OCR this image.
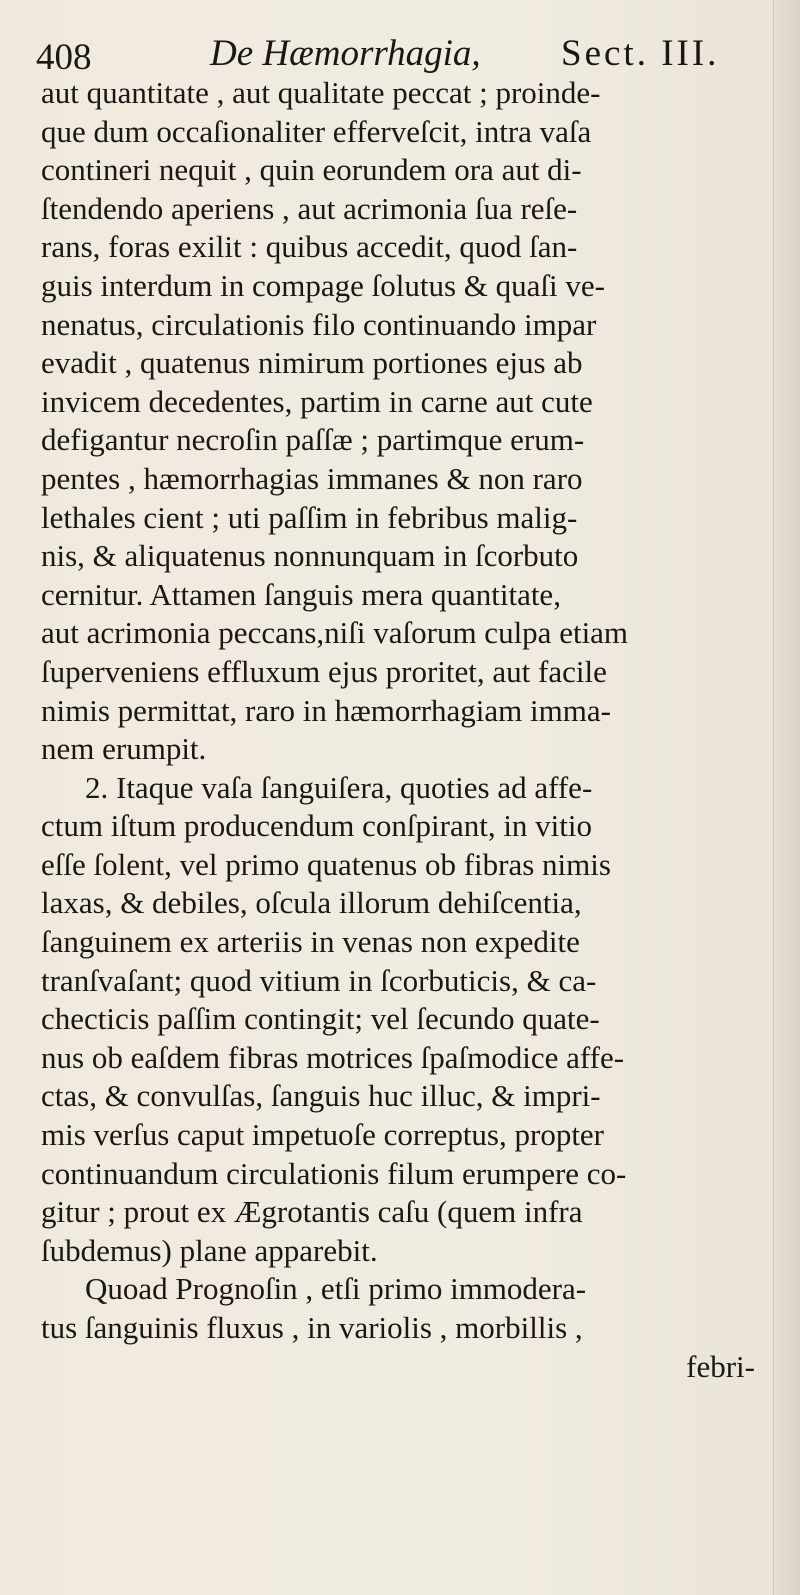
408	De Hæmorrhagia, Sect. III.
aut quantitate , aut qualitate peccat ; proinde-
que dum occaſionaliter efferveſcit, intra vaſa
contineri nequit , quin eorundem ora aut di-
ſtendendo aperiens , aut acrimonia ſua reſe-
rans, foras exilit : quibus accedit, quod ſan-
guis interdum in compage ſolutus & quaſi ve-
nenatus, circulationis filo continuando impar
evadit , quatenus nimirum portiones ejus ab
invicem decedentes, partim in carne aut cute
defigantur necroſin paſſæ ; partimque erum-
pentes , hæmorrhagias immanes & non raro
lethales cient ; uti paſſim in febribus malig-
nis, & aliquatenus nonnunquam in ſcorbuto
cernitur. Attamen ſanguis mera quantitate,
aut acrimonia peccans,niſi vaſorum culpa etiam
ſuperveniens effluxum ejus proritet, aut facile
nimis permittat, raro in hæmorrhagiam imma-
nem erumpit.
2. Itaque vaſa ſanguiſera, quoties ad affe-
ctum iſtum producendum conſpirant, in vitio
eſſe ſolent, vel primo quatenus ob fibras nimis
laxas, & debiles, oſcula illorum dehiſcentia,
ſanguinem ex arteriis in venas non expedite
tranſvaſant; quod vitium in ſcorbuticis, & ca-
checticis paſſim contingit; vel ſecundo quate-
nus ob eaſdem fibras motrices ſpaſmodice affe-
ctas, & convulſas, ſanguis huc illuc, & impri-
mis verſus caput impetuoſe correptus, propter
continuandum circulationis filum erumpere co-
gitur ; prout ex Ægrotantis caſu (quem infra
ſubdemus) plane apparebit.
Quoad Prognoſin , etſi primo immodera-
tus ſanguinis fluxus , in variolis , morbillis ,
febri-
